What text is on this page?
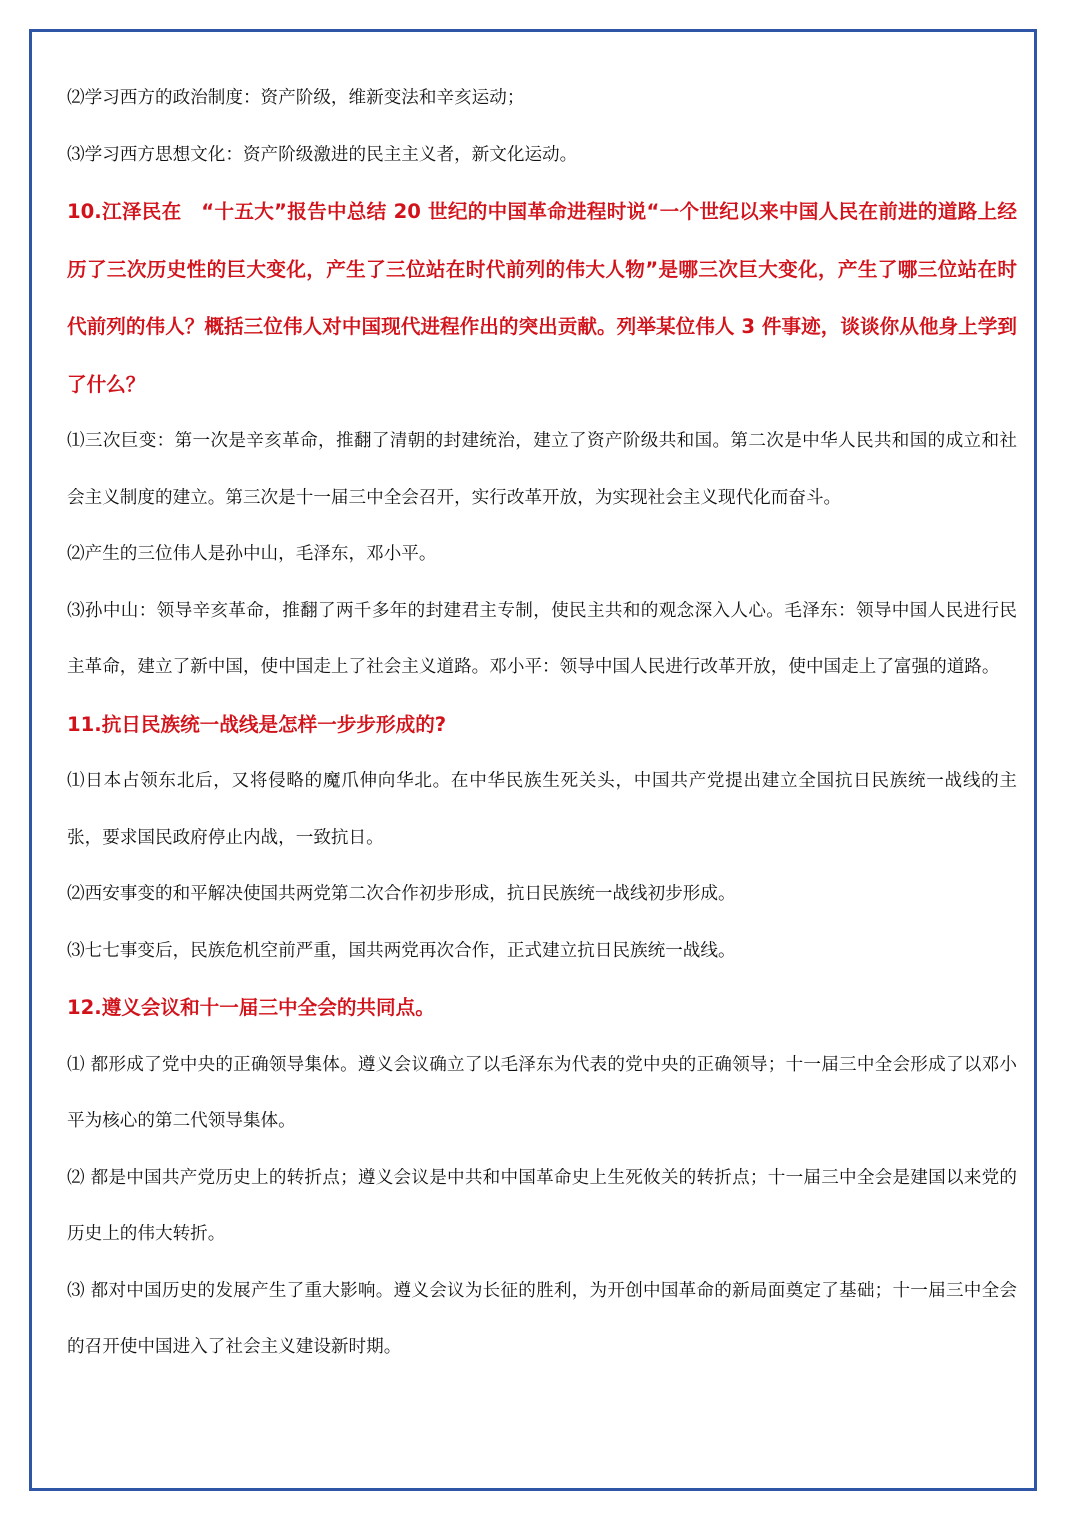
⑵学习西方的政治制度：资产阶级，维新变法和辛亥运动；

⑶学习西方思想文化：资产阶级激进的民主主义者，新文化运动。

10.江泽民在　“十五大”报告中总结 20 世纪的中国革命进程时说“一个世纪以来中国人民在前进的道路上经历了三次历史性的巨大变化，产生了三位站在时代前列的伟大人物”是哪三次巨大变化，产生了哪三位站在时代前列的伟人？概括三位伟人对中国现代进程作出的突出贡献。列举某位伟人 3 件事迹，谈谈你从他身上学到了什么？

⑴三次巨变：第一次是辛亥革命，推翻了清朝的封建统治，建立了资产阶级共和国。第二次是中华人民共和国的成立和社会主义制度的建立。第三次是十一届三中全会召开，实行改革开放，为实现社会主义现代化而奋斗。

⑵产生的三位伟人是孙中山，毛泽东，邓小平。

⑶孙中山：领导辛亥革命，推翻了两千多年的封建君主专制，使民主共和的观念深入人心。毛泽东：领导中国人民进行民主革命，建立了新中国，使中国走上了社会主义道路。邓小平：领导中国人民进行改革开放，使中国走上了富强的道路。

11.抗日民族统一战线是怎样一步步形成的?

⑴日本占领东北后，又将侵略的魔爪伸向华北。在中华民族生死关头，中国共产党提出建立全国抗日民族统一战线的主张，要求国民政府停止内战，一致抗日。

⑵西安事变的和平解决使国共两党第二次合作初步形成，抗日民族统一战线初步形成。

⑶七七事变后，民族危机空前严重，国共两党再次合作，正式建立抗日民族统一战线。

12.遵义会议和十一届三中全会的共同点。

⑴ 都形成了党中央的正确领导集体。遵义会议确立了以毛泽东为代表的党中央的正确领导；十一届三中全会形成了以邓小平为核心的第二代领导集体。

⑵ 都是中国共产党历史上的转折点；遵义会议是中共和中国革命史上生死攸关的转折点；十一届三中全会是建国以来党的历史上的伟大转折。

⑶ 都对中国历史的发展产生了重大影响。遵义会议为长征的胜利，为开创中国革命的新局面奠定了基础；十一届三中全会的召开使中国进入了社会主义建设新时期。
